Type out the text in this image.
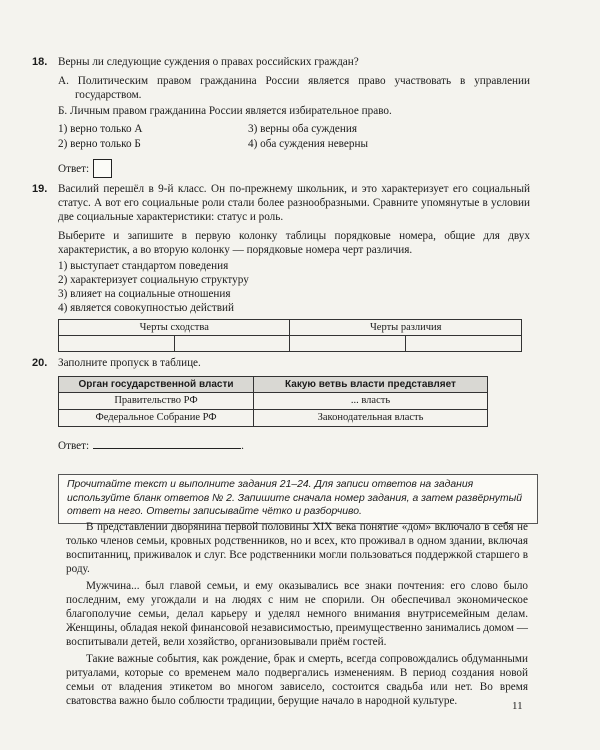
18. Верны ли следующие суждения о правах российских граждан?

А. Политическим правом гражданина России является право участвовать в управлении государством.

Б. Личным правом гражданина России является избирательное право.

1) верно только А	3) верны оба суждения
2) верно только Б	4) оба суждения неверны
Ответ:
19. Василий перешёл в 9-й класс. Он по-прежнему школьник, и это характеризует его социальный статус. А вот его социальные роли стали более разнообразными. Сравните упомянутые в условии две социальные характеристики: статус и роль.

Выберите и запишите в первую колонку таблицы порядковые номера, общие для двух характеристик, а во вторую колонку — порядковые номера черт различия.

1) выступает стандартом поведения
2) характеризует социальную структуру
3) влияет на социальные отношения
4) является совокупностью действий
Черты сходства		Черты различия	

20. Заполните пропуск в таблице.

Орган государственной власти	Какую ветвь власти представляет
Правительство РФ	... власть
Федеральное Собрание РФ	Законодательная власть
Ответ:	.
Прочитайте текст и выполните задания 21–24. Для записи ответов на задания используйте бланк ответов № 2. Запишите сначала номер задания, а затем развёрнутый ответ на него. Ответы записывайте чётко и разборчиво.

В представлении дворянина первой половины XIX века понятие «дом» включало в себя не только членов семьи, кровных родственников, но и всех, кто проживал в одном здании, включая воспитанниц, приживалок и слуг. Все родственники могли пользоваться поддержкой старшего в роду.

Мужчина... был главой семьи, и ему оказывались все знаки почтения: его слово было последним, ему угождали и на людях с ним не спорили. Он обеспечивал экономическое благополучие семьи, делал карьеру и уделял немного внимания внутрисемейным делам. Женщины, обладая некой финансовой независимостью, преимущественно занимались домом — воспитывали детей, вели хозяйство, организовывали приём гостей.

Такие важные события, как рождение, брак и смерть, всегда сопровождались обдуманными ритуалами, которые со временем мало подвергались изменениям. В период создания новой семьи от владения этикетом во многом зависело, состоится свадьба или нет. Во время сватовства важно было соблюсти традиции, берущие начало в народной культуре.	11
